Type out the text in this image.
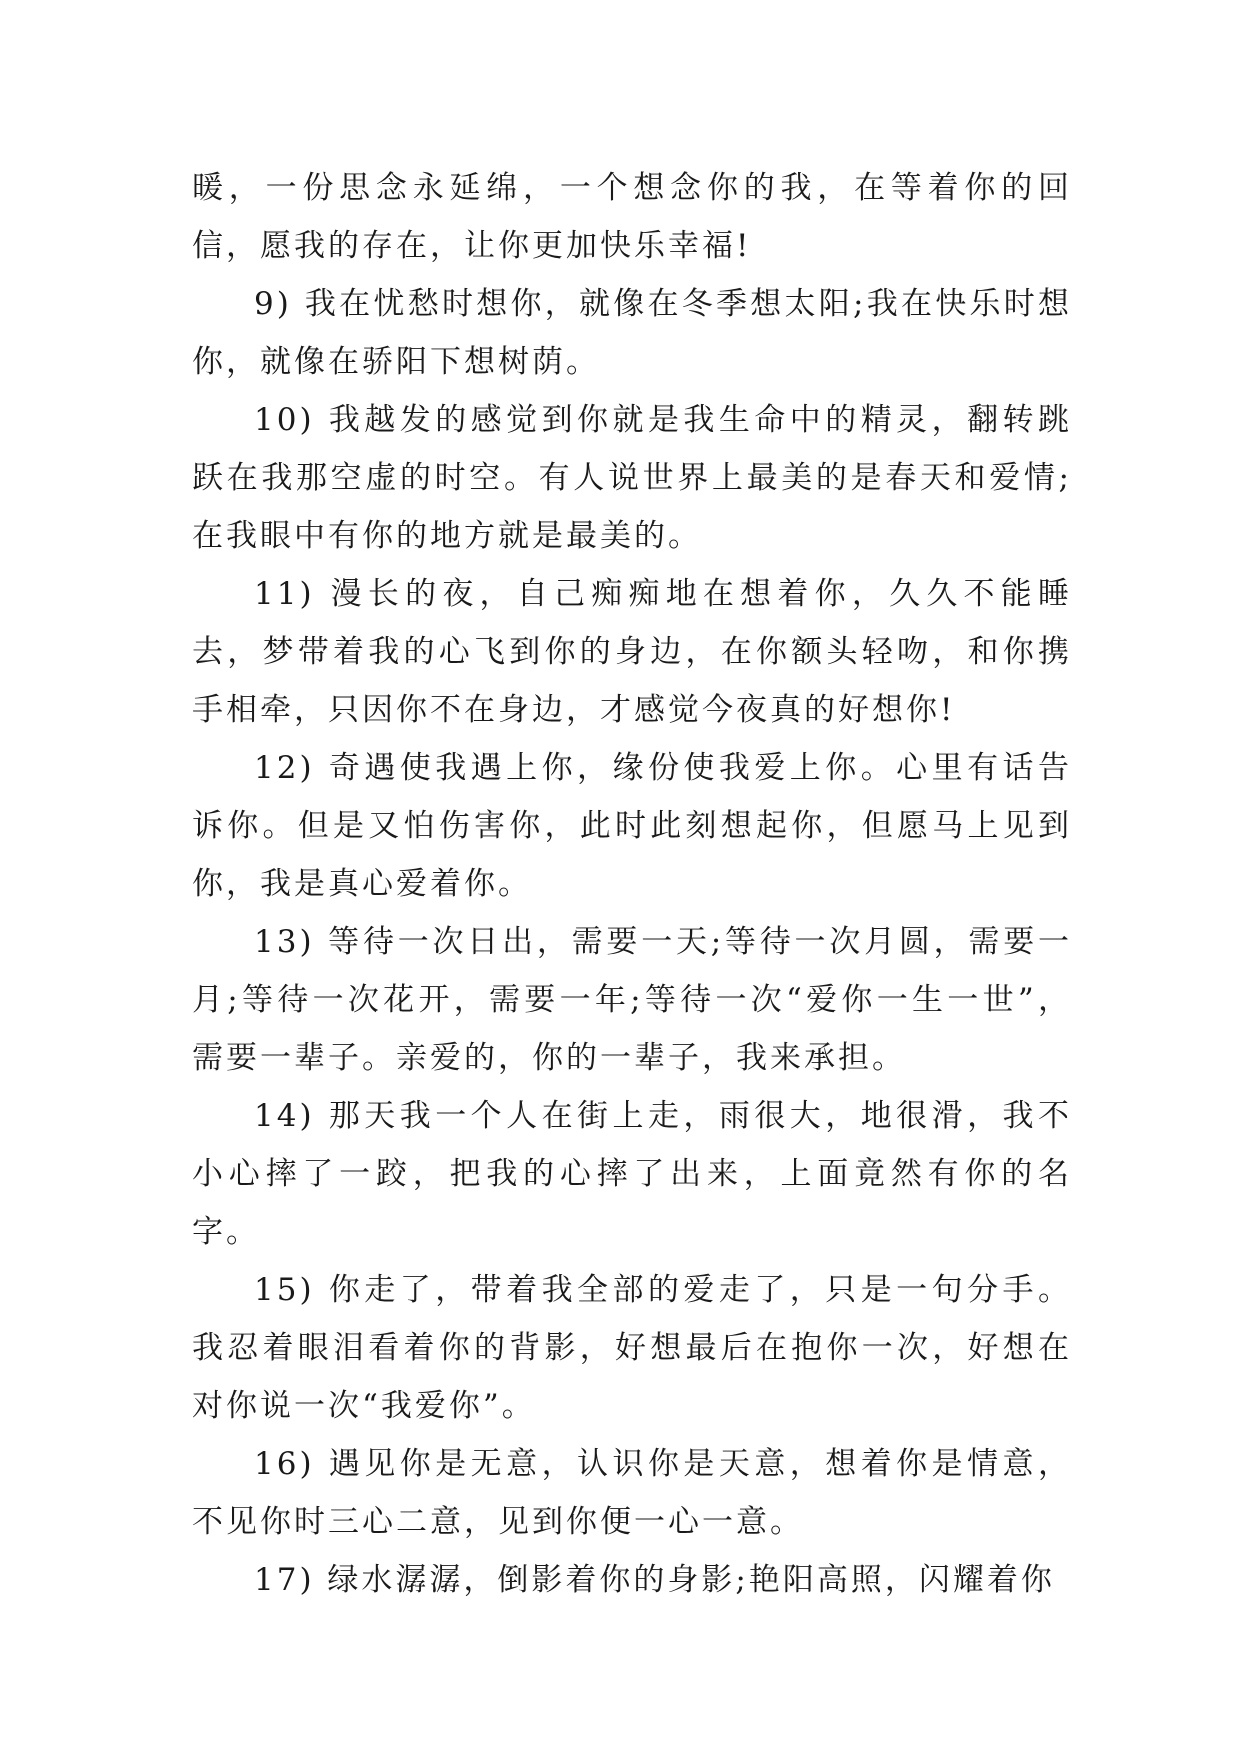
暖，一份思念永延绵，一个想念你的我，在等着你的回信，愿我的存在，让你更加快乐幸福!

9) 我在忧愁时想你，就像在冬季想太阳;我在快乐时想你，就像在骄阳下想树荫。

10) 我越发的感觉到你就是我生命中的精灵，翻转跳跃在我那空虚的时空。有人说世界上最美的是春天和爱情;在我眼中有你的地方就是最美的。

11) 漫长的夜，自己痴痴地在想着你，久久不能睡去，梦带着我的心飞到你的身边，在你额头轻吻，和你携手相牵，只因你不在身边，才感觉今夜真的好想你!

12) 奇遇使我遇上你，缘份使我爱上你。心里有话告诉你。但是又怕伤害你，此时此刻想起你，但愿马上见到你，我是真心爱着你。

13) 等待一次日出，需要一天;等待一次月圆，需要一月;等待一次花开，需要一年;等待一次“爱你一生一世”，需要一辈子。亲爱的，你的一辈子，我来承担。

14) 那天我一个人在街上走，雨很大，地很滑，我不小心摔了一跤，把我的心摔了出来，上面竟然有你的名字。

15) 你走了，带着我全部的爱走了，只是一句分手。我忍着眼泪看着你的背影，好想最后在抱你一次，好想在对你说一次“我爱你”。

16) 遇见你是无意，认识你是天意，想着你是情意，不见你时三心二意，见到你便一心一意。

17) 绿水潺潺，倒影着你的身影;艳阳高照，闪耀着你
